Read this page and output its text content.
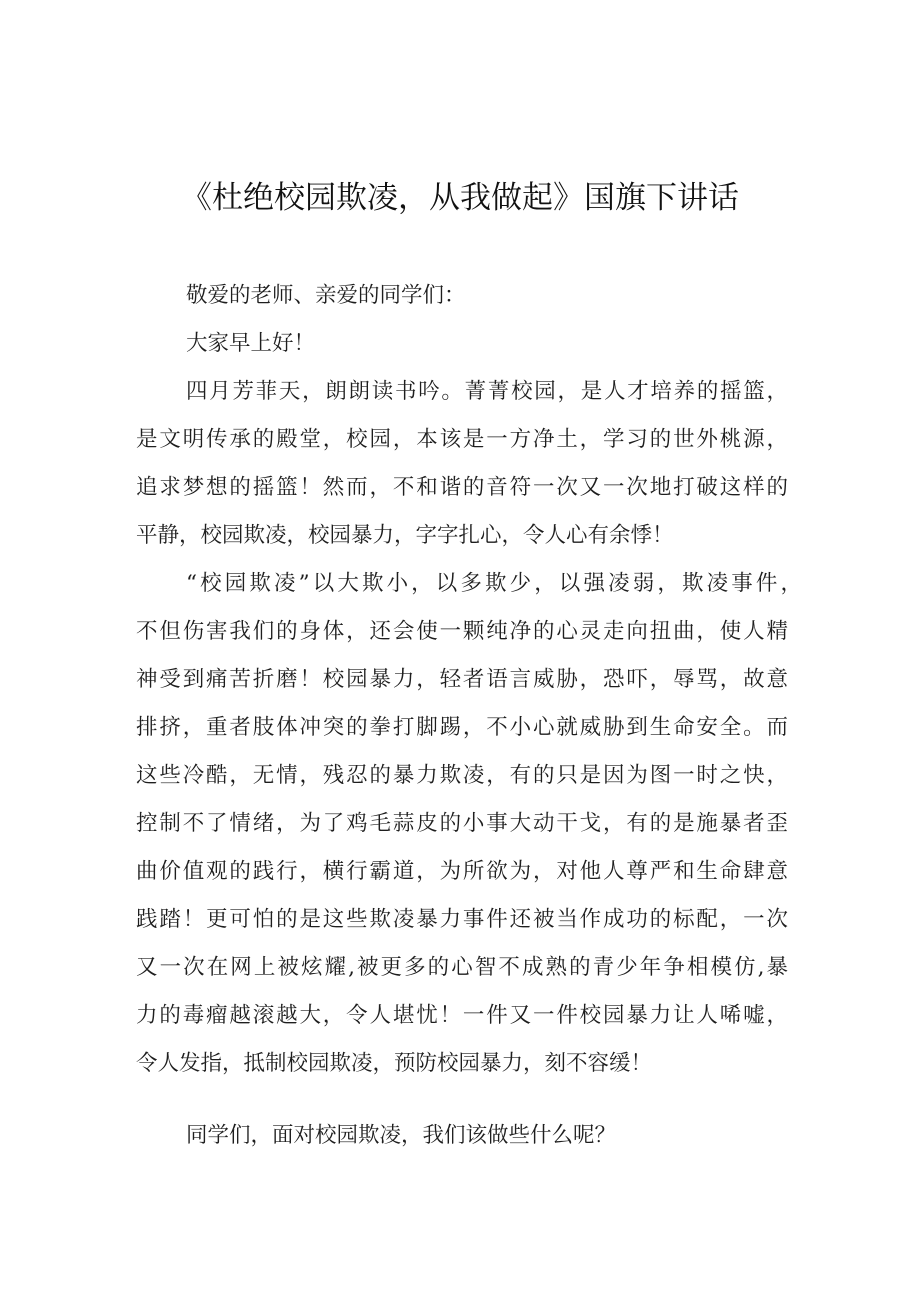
《杜绝校园欺凌，从我做起》国旗下讲话
敬爱的老师、亲爱的同学们：
大家早上好！
四月芳菲天，朗朗读书吟。菁菁校园，是人才培养的摇篮，
是文明传承的殿堂，校园，本该是一方净土，学习的世外桃源，
追求梦想的摇篮！然而，不和谐的音符一次又一次地打破这样的
平静，校园欺凌，校园暴力，字字扎心，令人心有余悸！
“校园欺凌”以大欺小，以多欺少，以强凌弱，欺凌事件，
不但伤害我们的身体，还会使一颗纯净的心灵走向扭曲，使人精
神受到痛苦折磨！校园暴力，轻者语言威胁，恐吓，辱骂，故意
排挤，重者肢体冲突的拳打脚踢，不小心就威胁到生命安全。而
这些冷酷，无情，残忍的暴力欺凌，有的只是因为图一时之快，
控制不了情绪，为了鸡毛蒜皮的小事大动干戈，有的是施暴者歪
曲价值观的践行，横行霸道，为所欲为，对他人尊严和生命肆意
践踏！更可怕的是这些欺凌暴力事件还被当作成功的标配，一次
又一次在网上被炫耀,被更多的心智不成熟的青少年争相模仿,暴
力的毒瘤越滚越大，令人堪忧！一件又一件校园暴力让人唏嘘，
令人发指，抵制校园欺凌，预防校园暴力，刻不容缓！
同学们，面对校园欺凌，我们该做些什么呢？
